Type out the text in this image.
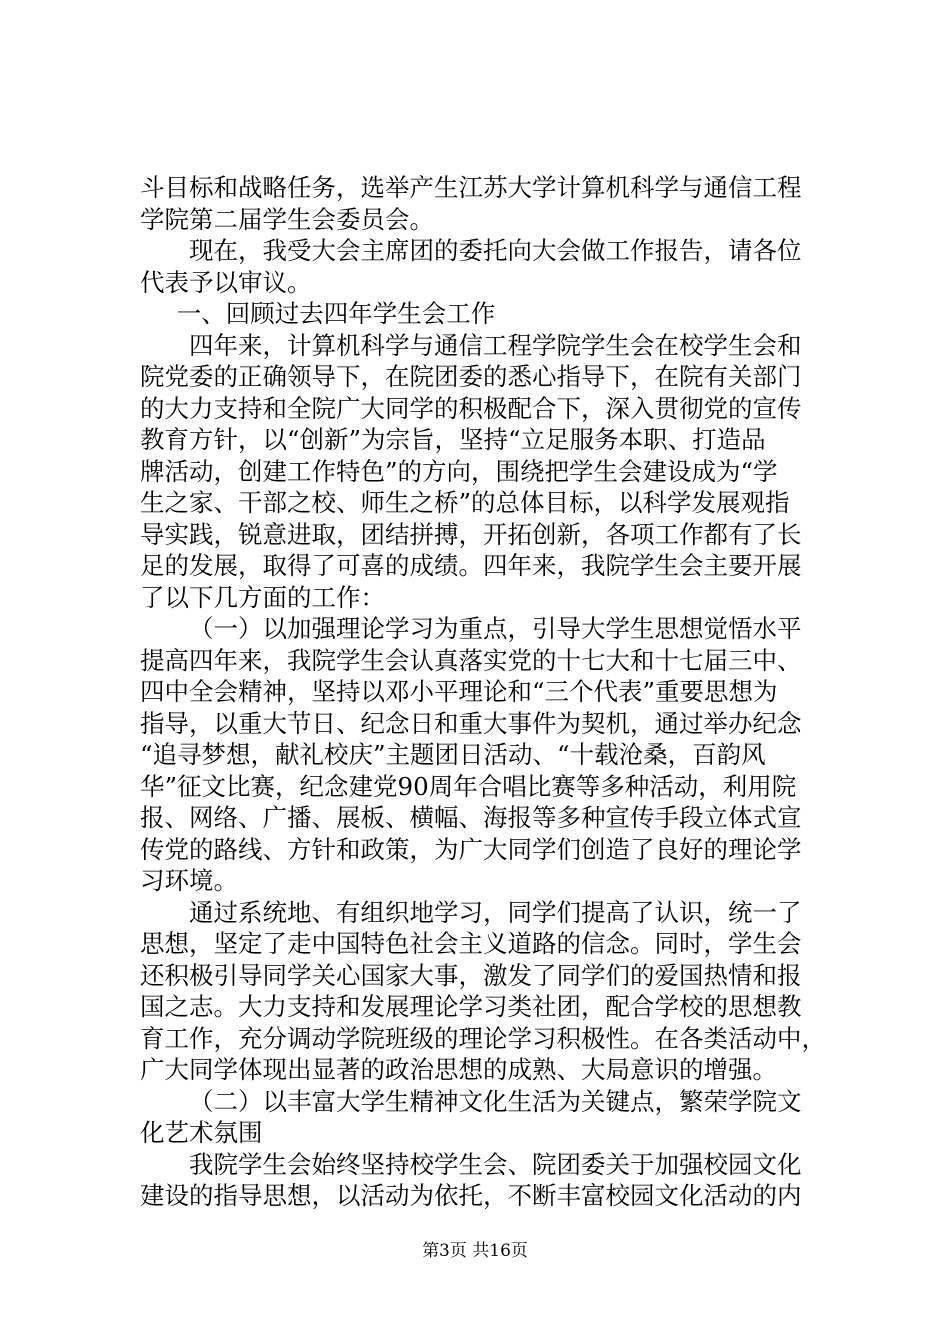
斗目标和战略任务，选举产生江苏大学计算机科学与通信工程
学院第二届学生会委员会。
现在，我受大会主席团的委托向大会做工作报告，请各位
代表予以审议。
一、回顾过去四年学生会工作
四年来，计算机科学与通信工程学院学生会在校学生会和
院党委的正确领导下，在院团委的悉心指导下，在院有关部门
的大力支持和全院广大同学的积极配合下，深入贯彻党的宣传
教育方针，以“创新”为宗旨，坚持“立足服务本职、打造品
牌活动，创建工作特色”的方向，围绕把学生会建设成为“学
生之家、干部之校、师生之桥”的总体目标，以科学发展观指
导实践，锐意进取，团结拼搏，开拓创新，各项工作都有了长
足的发展，取得了可喜的成绩。四年来，我院学生会主要开展
了以下几方面的工作：
（一）以加强理论学习为重点，引导大学生思想觉悟水平
提高四年来，我院学生会认真落实党的十七大和十七届三中、
四中全会精神，坚持以邓小平理论和“三个代表”重要思想为
指导，以重大节日、纪念日和重大事件为契机，通过举办纪念
“追寻梦想，献礼校庆”主题团日活动、“十载沧桑，百韵风
华”征文比赛，纪念建党90周年合唱比赛等多种活动，利用院
报、网络、广播、展板、横幅、海报等多种宣传手段立体式宣
传党的路线、方针和政策，为广大同学们创造了良好的理论学
习环境。
通过系统地、有组织地学习，同学们提高了认识，统一了
思想，坚定了走中国特色社会主义道路的信念。同时，学生会
还积极引导同学关心国家大事，激发了同学们的爱国热情和报
国之志。大力支持和发展理论学习类社团，配合学校的思想教
育工作，充分调动学院班级的理论学习积极性。在各类活动中，
广大同学体现出显著的政治思想的成熟、大局意识的增强。
（二）以丰富大学生精神文化生活为关键点，繁荣学院文
化艺术氛围
我院学生会始终坚持校学生会、院团委关于加强校园文化
建设的指导思想，以活动为依托，不断丰富校园文化活动的内
第3页 共16页
